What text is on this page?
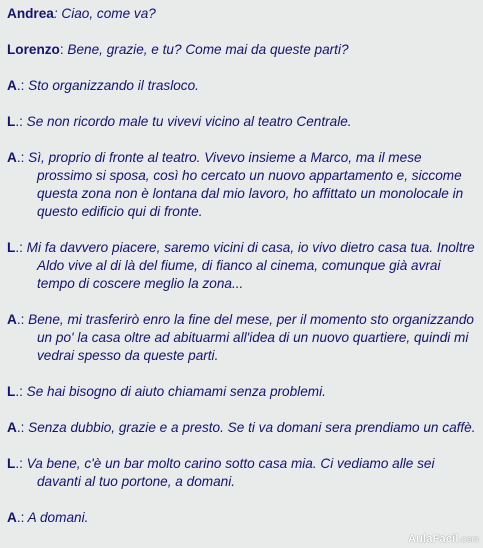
Andrea: Ciao, come va?

Lorenzo: Bene, grazie, e tu? Come mai da queste parti?

A.: Sto organizzando il trasloco.

L.: Se non ricordo male tu vivevi vicino al teatro Centrale.

A.: Sì, proprio di fronte al teatro. Vivevo insieme a Marco, ma il mese prossimo si sposa, così ho cercato un nuovo appartamento e, siccome questa zona non è lontana dal mio lavoro, ho affittato un monolocale in questo edificio qui di fronte.

L.: Mi fa davvero piacere, saremo vicini di casa, io vivo dietro casa tua. Inoltre Aldo vive al di là del fiume, di fianco al cinema, comunque già avrai tempo di coscere meglio la zona...

A.: Bene, mi trasferirò enro la fine del mese, per il momento sto organizzando un po' la casa oltre ad abituarmi all'idea di un nuovo quartiere, quindi mi vedrai spesso da queste parti.

L.: Se hai bisogno di aiuto chiamami senza problemi.

A.: Senza dubbio, grazie e a presto. Se ti va domani sera prendiamo un caffè.

L.: Va bene, c'è un bar molto carino sotto casa mia. Ci vediamo alle sei davanti al tuo portone, a domani.

A.: A domani.

AulaFacil.com
